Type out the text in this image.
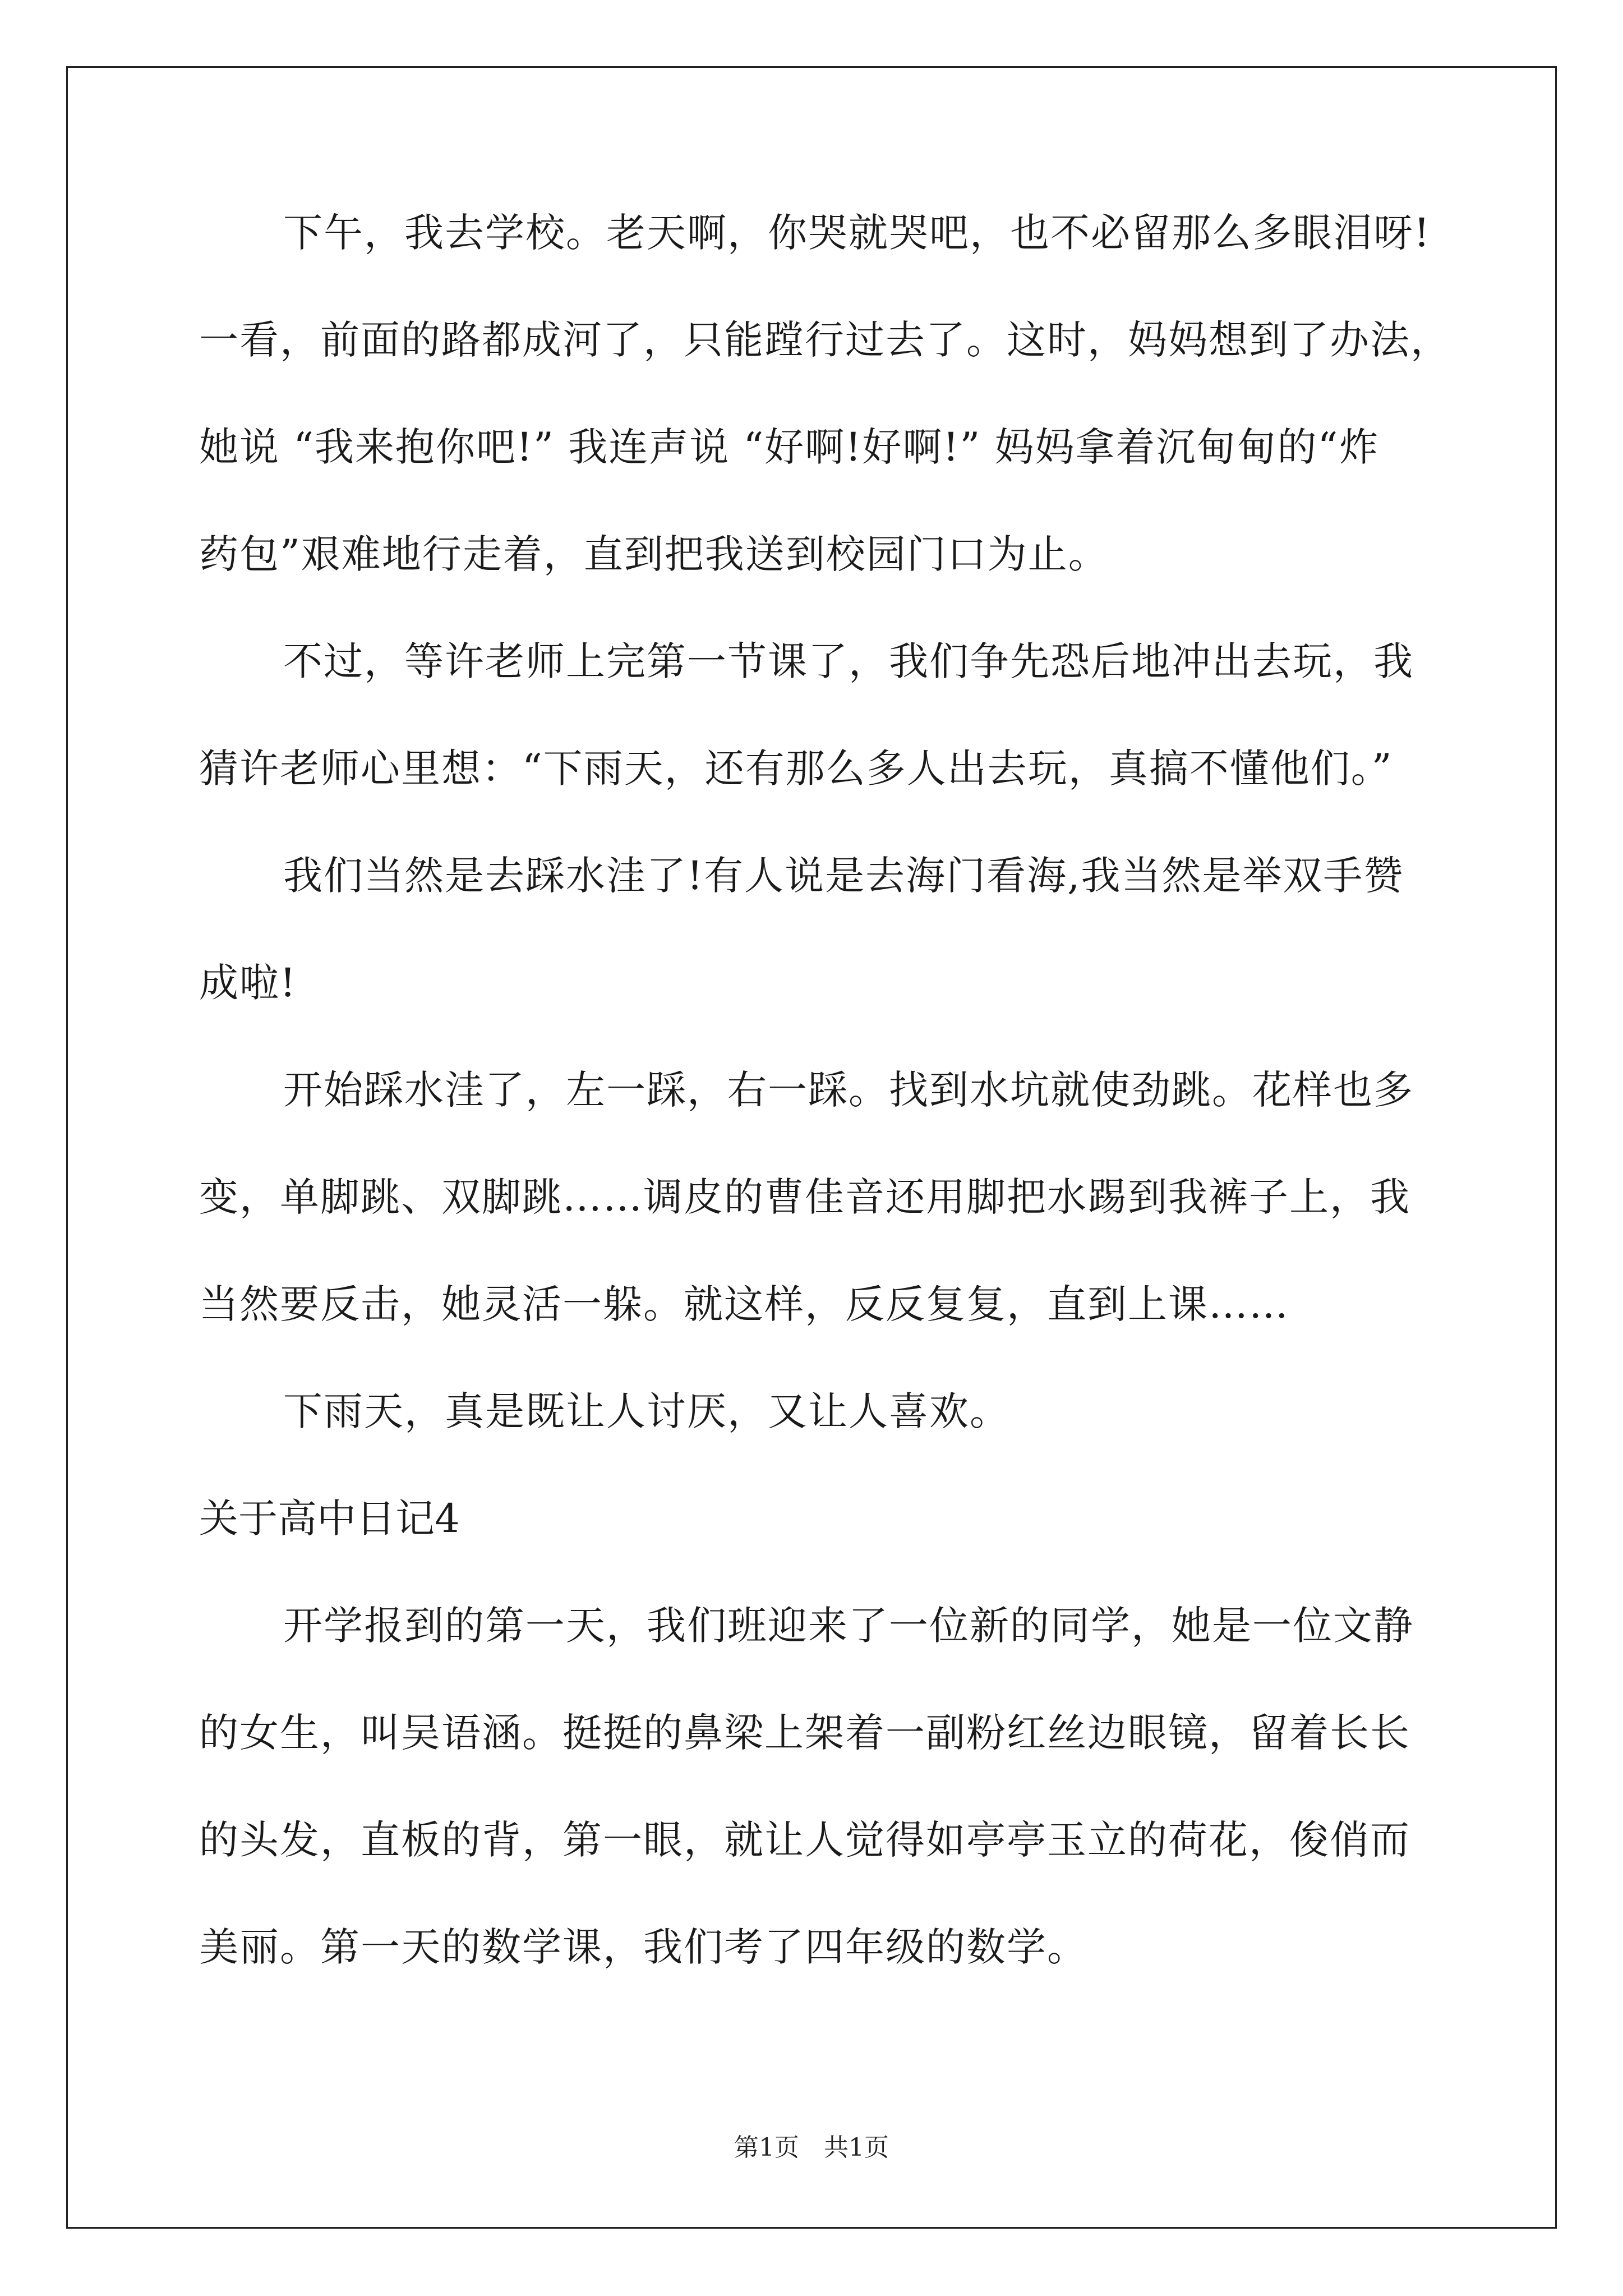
下午，我去学校。老天啊，你哭就哭吧，也不必留那么多眼泪呀!
一看，前面的路都成河了，只能蹚行过去了。这时，妈妈想到了办法，
她说 “我来抱你吧!” 我连声说 “好啊!好啊!” 妈妈拿着沉甸甸的“炸
药包”艰难地行走着，直到把我送到校园门口为止。
不过，等许老师上完第一节课了，我们争先恐后地冲出去玩，我
猜许老师心里想：“下雨天，还有那么多人出去玩，真搞不懂他们。”
我们当然是去踩水洼了!有人说是去海门看海,我当然是举双手赞
成啦!
开始踩水洼了，左一踩，右一踩。找到水坑就使劲跳。花样也多
变，单脚跳、双脚跳……调皮的曹佳音还用脚把水踢到我裤子上，我
当然要反击，她灵活一躲。就这样，反反复复，直到上课……
下雨天，真是既让人讨厌，又让人喜欢。
关于高中日记4
开学报到的第一天，我们班迎来了一位新的同学，她是一位文静
的女生，叫吴语涵。挺挺的鼻梁上架着一副粉红丝边眼镜，留着长长
的头发，直板的背，第一眼，就让人觉得如亭亭玉立的荷花，俊俏而
美丽。第一天的数学课，我们考了四年级的数学。
第1页　共1页
